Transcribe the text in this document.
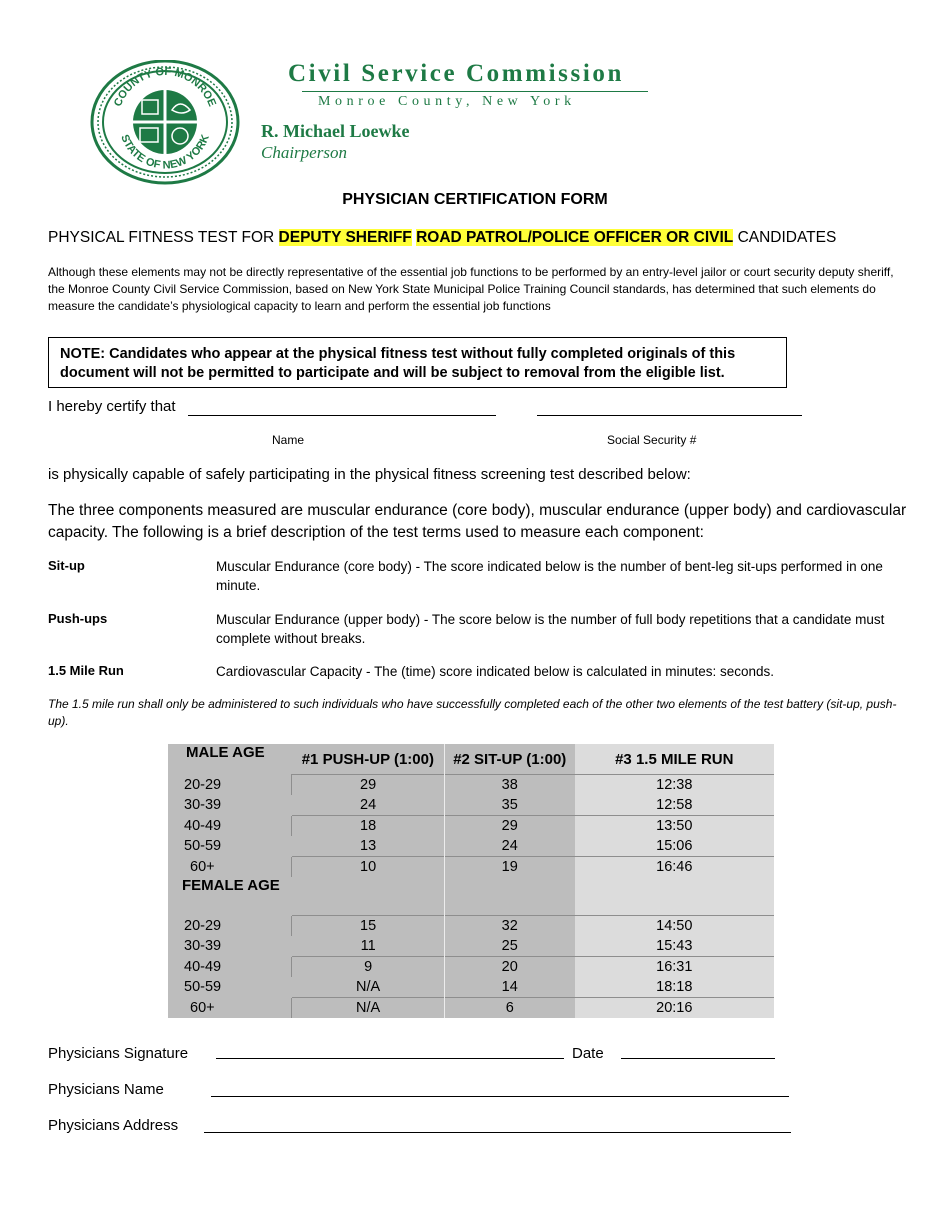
COUNTY OF MONROE
STATE OF NEW YORK
Civil Service Commission
Monroe County, New York
R. Michael Loewke
Chairperson
PHYSICIAN CERTIFICATION FORM
PHYSICAL FITNESS TEST FOR DEPUTY SHERIFF ROAD PATROL/POLICE OFFICER OR CIVIL CANDIDATES
Although these elements may not be directly representative of the essential job functions to be performed by an entry-level jailor or court security deputy sheriff, the Monroe County Civil Service Commission, based on New York State Municipal Police Training Council standards, has determined that such elements do measure the candidate’s physiological capacity to learn and perform the essential job functions
NOTE: Candidates who appear at the physical fitness test without fully completed originals of this document will not be permitted to participate and will be subject to removal from the eligible list.
I hereby certify that
Name	Social Security #
is physically capable of safely participating in the physical fitness screening test described below:
The three components measured are muscular endurance (core body), muscular endurance (upper body) and cardiovascular capacity. The following is a brief description of the test terms used to measure each component:
Sit-up	Muscular Endurance (core body) - The score indicated below is the number of bent-leg sit-ups performed in one minute.
Push-ups	Muscular Endurance (upper body) - The score below is the number of full body repetitions that a candidate must complete without breaks.
1.5 Mile Run	Cardiovascular Capacity - The (time) score indicated below is calculated in minutes: seconds.
The 1.5 mile run shall only be administered to such individuals who have successfully completed each of the other two elements of the test battery (sit-up, push-up).
MALE AGE	#1 PUSH-UP (1:00)	#2 SIT-UP (1:00)	#3 1.5 MILE RUN
20-29	29	38	12:38
30-39	24	35	12:58
40-49	18	29	13:50
50-59	13	24	15:06
60+	10	19	16:46
FEMALE AGE			
20-29	15	32	14:50
30-39	11	25	15:43
40-49	9	20	16:31
50-59	N/A	14	18:18
60+	N/A	6	20:16
Physicians Signature	Date
Physicians Name
Physicians Address
